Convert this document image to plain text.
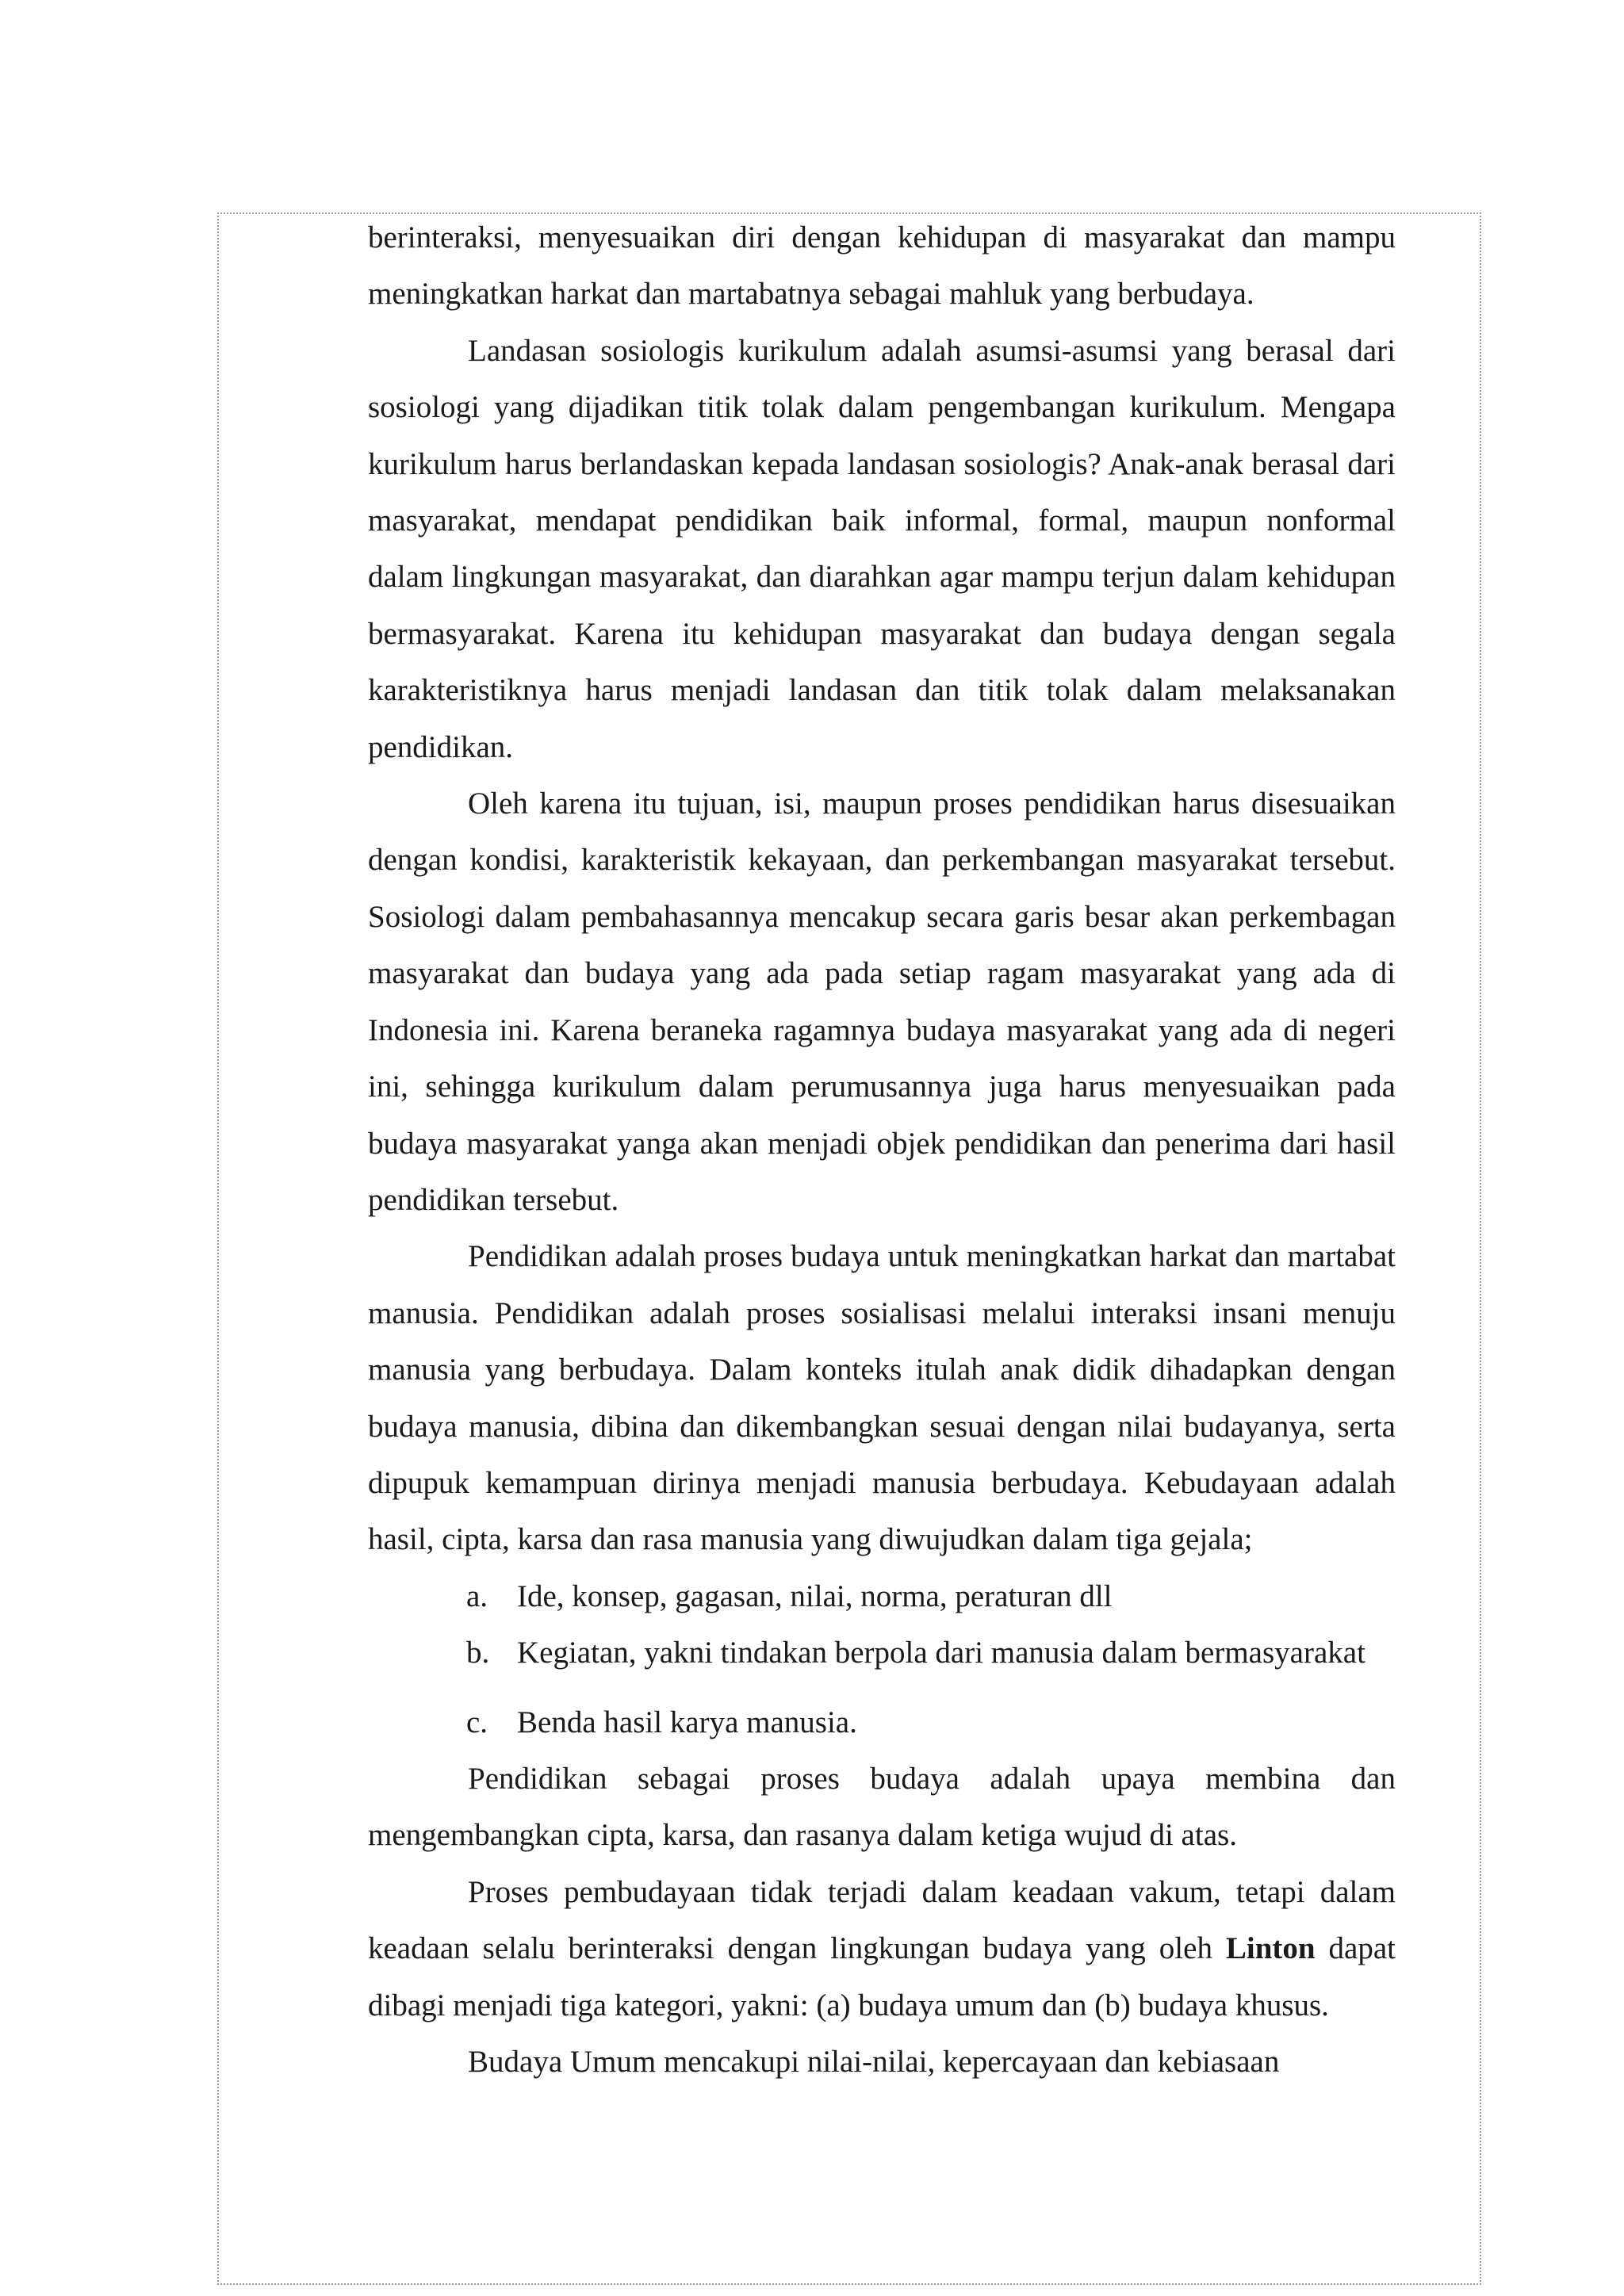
berinteraksi, menyesuaikan diri dengan kehidupan di masyarakat dan mampu meningkatkan harkat dan martabatnya sebagai mahluk yang berbudaya.

Landasan sosiologis kurikulum adalah asumsi-asumsi yang berasal dari sosiologi yang dijadikan titik tolak dalam pengembangan kurikulum. Mengapa kurikulum harus berlandaskan kepada landasan sosiologis? Anak-anak berasal dari masyarakat, mendapat pendidikan baik informal, formal, maupun nonformal dalam lingkungan masyarakat, dan diarahkan agar mampu terjun dalam kehidupan bermasyarakat. Karena itu kehidupan masyarakat dan budaya dengan segala karakteristiknya harus menjadi landasan dan titik tolak dalam melaksanakan pendidikan.

Oleh karena itu tujuan, isi, maupun proses pendidikan harus disesuaikan dengan kondisi, karakteristik kekayaan, dan perkembangan masyarakat tersebut. Sosiologi dalam pembahasannya mencakup secara garis besar akan perkembagan masyarakat dan budaya yang ada pada setiap ragam masyarakat yang ada di Indonesia ini. Karena beraneka ragamnya budaya masyarakat yang ada di negeri ini, sehingga kurikulum dalam perumusannya juga harus menyesuaikan pada budaya masyarakat yanga akan menjadi objek pendidikan dan penerima dari hasil pendidikan tersebut.

Pendidikan adalah proses budaya untuk meningkatkan harkat dan martabat manusia. Pendidikan adalah proses sosialisasi melalui interaksi insani menuju manusia yang berbudaya. Dalam konteks itulah anak didik dihadapkan dengan budaya manusia, dibina dan dikembangkan sesuai dengan nilai budayanya, serta dipupuk kemampuan dirinya menjadi manusia berbudaya. Kebudayaan adalah hasil, cipta, karsa dan rasa manusia yang diwujudkan dalam tiga gejala;

a. Ide, konsep, gagasan, nilai, norma, peraturan dll
b. Kegiatan, yakni tindakan berpola dari manusia dalam bermasyarakat
c. Benda hasil karya manusia.

Pendidikan sebagai proses budaya adalah upaya membina dan mengembangkan cipta, karsa, dan rasanya dalam ketiga wujud di atas.

Proses pembudayaan tidak terjadi dalam keadaan vakum, tetapi dalam keadaan selalu berinteraksi dengan lingkungan budaya yang oleh Linton dapat dibagi menjadi tiga kategori, yakni: (a) budaya umum dan (b) budaya khusus.

Budaya Umum mencakupi nilai-nilai, kepercayaan dan kebiasaan
